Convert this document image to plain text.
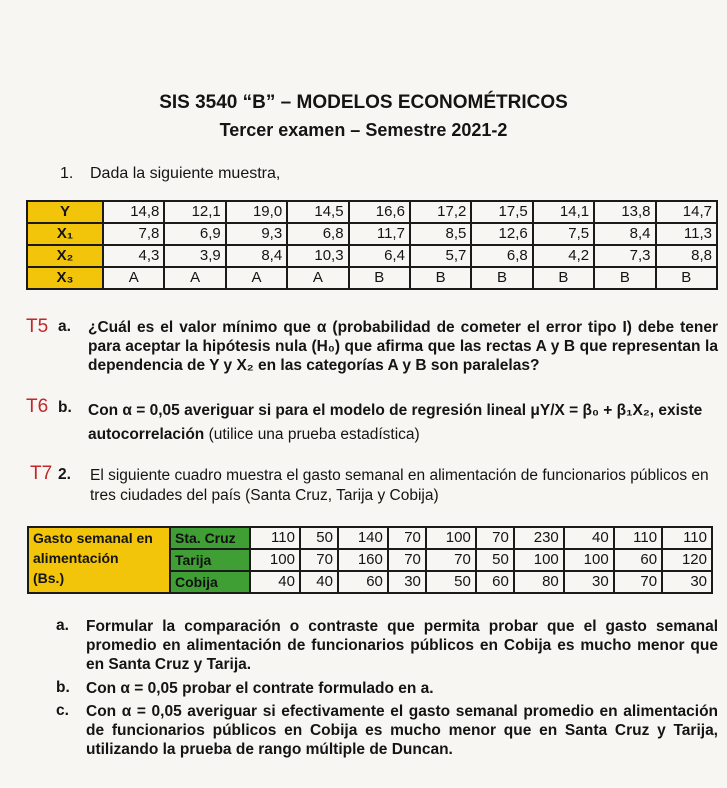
SIS 3540 “B” – MODELOS ECONOMÉTRICOS
Tercer examen – Semestre 2021-2
1. Dada la siguiente muestra,
Y	14,8	12,1	19,0	14,5	16,6	17,2	17,5	14,1	13,8	14,7
X₁	7,8	6,9	9,3	6,8	11,7	8,5	12,6	7,5	8,4	11,3
X₂	4,3	3,9	8,4	10,3	6,4	5,7	6,8	4,2	7,3	8,8
X₃	A	A	A	A	B	B	B	B	B	B
T5 a. ¿Cuál es el valor mínimo que α (probabilidad de cometer el error tipo I) debe tener para aceptar la hipótesis nula (H₀) que afirma que las rectas A y B que representan la dependencia de Y y X₂ en las categorías A y B son paralelas?
T6 b. Con α = 0,05 averiguar si para el modelo de regresión lineal μY/X = β₀ + β₁X₂, existe autocorrelación (utilice una prueba estadística)
T7 2. El siguiente cuadro muestra el gasto semanal en alimentación de funcionarios públicos en tres ciudades del país (Santa Cruz, Tarija y Cobija)
Gasto semanal en
alimentación
(Bs.)	Sta. Cruz	110	50	140	70	100	70	230	40	110	110
	Tarija	100	70	160	70	70	50	100	100	60	120
	Cobija	40	40	60	30	50	60	80	30	70	30
a. Formular la comparación o contraste que permita probar que el gasto semanal promedio en alimentación de funcionarios públicos en Cobija es mucho menor que en Santa Cruz y Tarija.
b. Con α = 0,05 probar el contrate formulado en a.
c. Con α = 0,05 averiguar si efectivamente el gasto semanal promedio en alimentación de funcionarios públicos en Cobija es mucho menor que en Santa Cruz y Tarija, utilizando la prueba de rango múltiple de Duncan.
